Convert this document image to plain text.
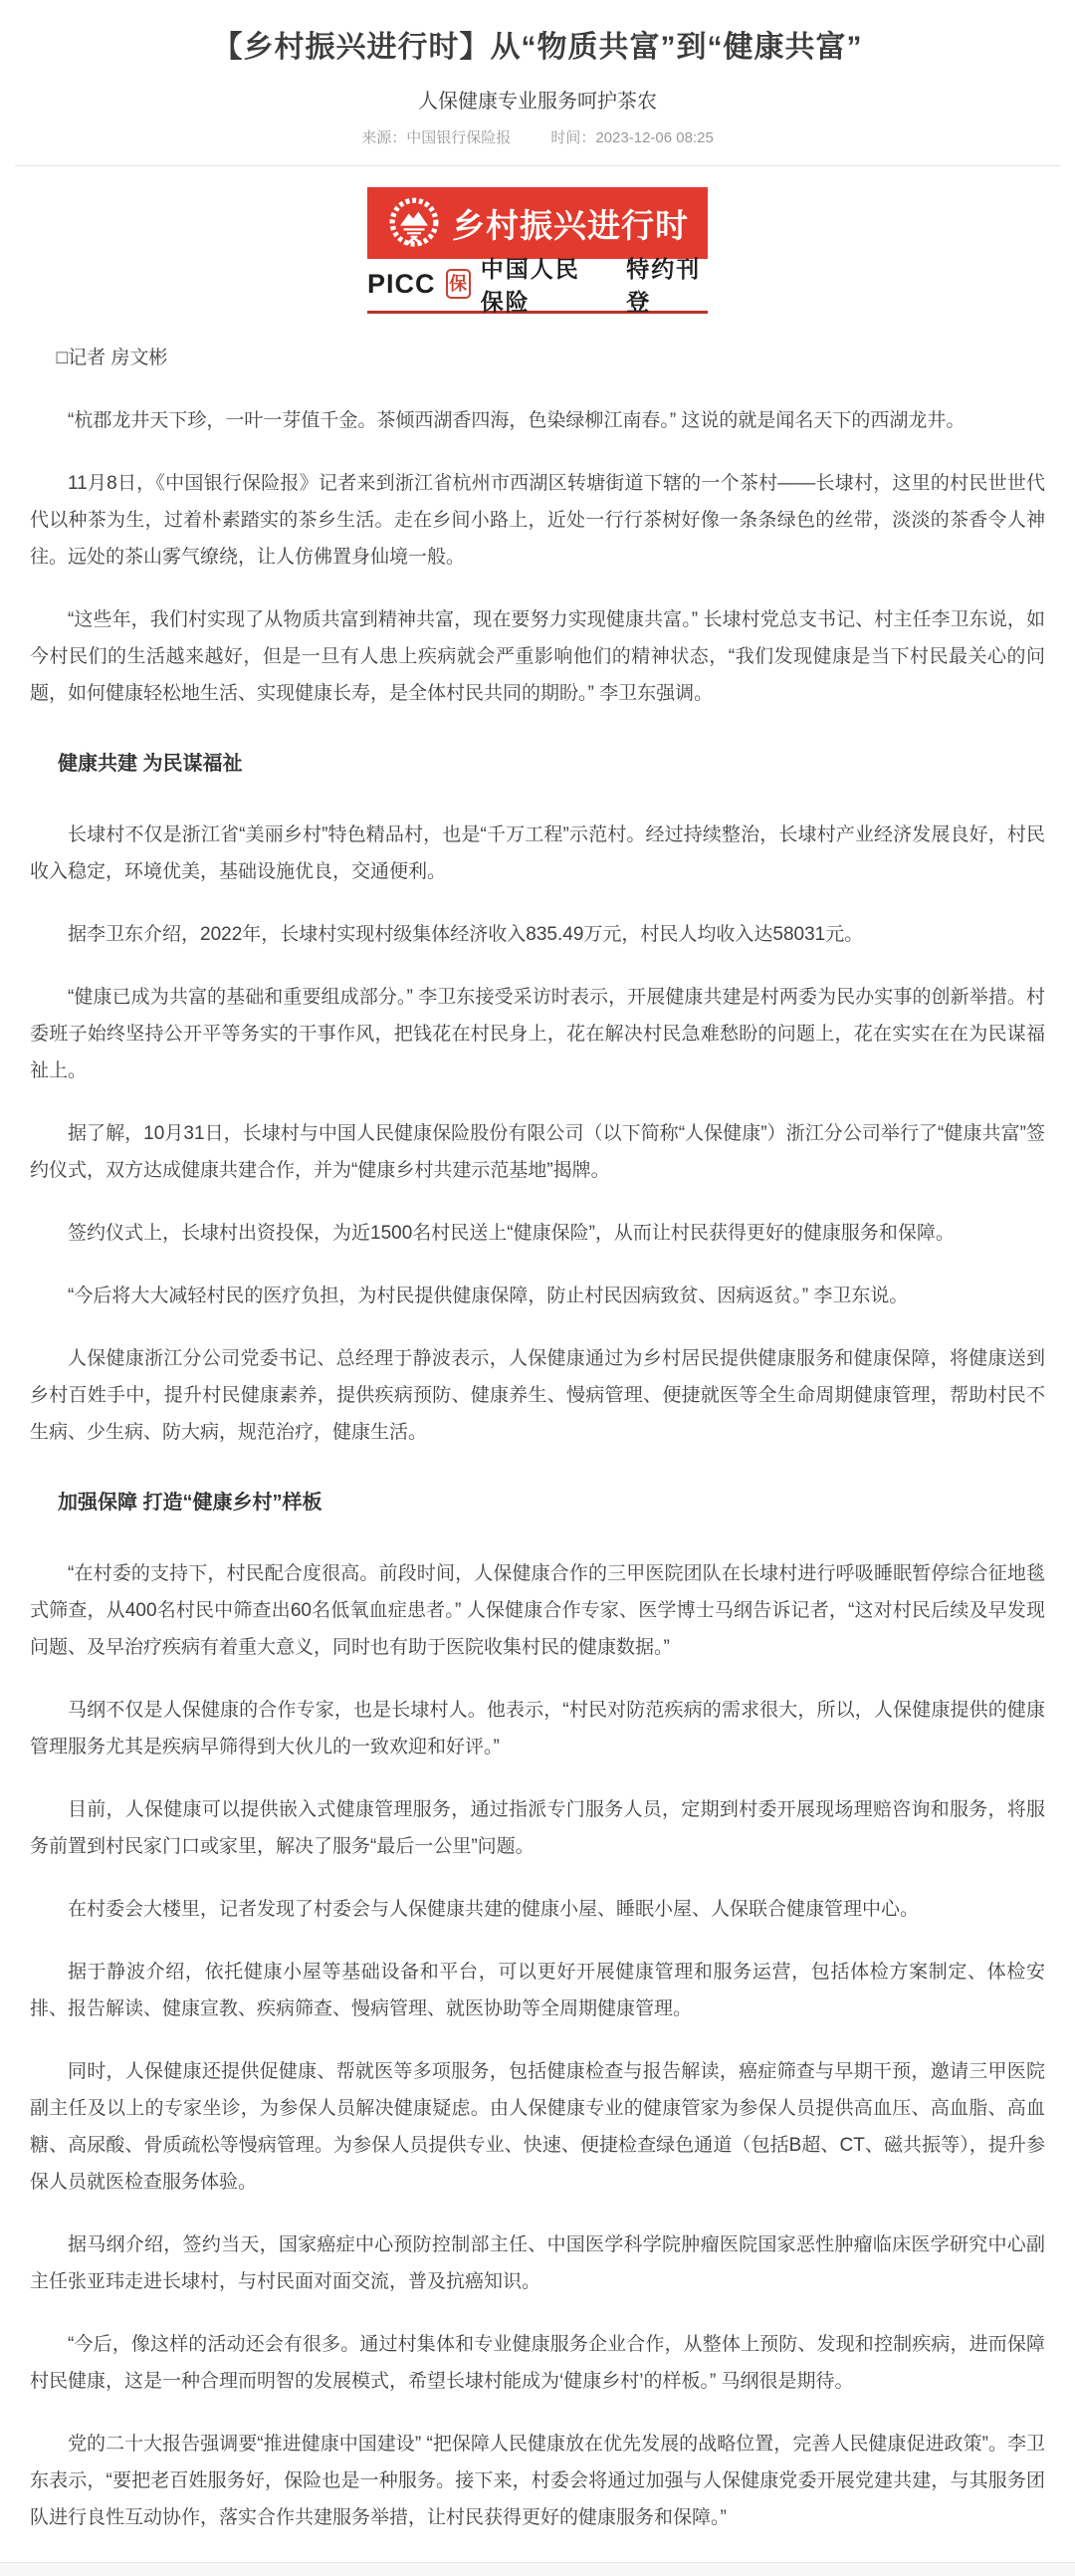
【乡村振兴进行时】从“物质共富”到“健康共富”
人保健康专业服务呵护茶农
来源：中国银行保险报	时间：2023-12-06 08:25
乡村振兴进行时
PICC 保
中国人民保险
特约刊登

□记者 房文彬

“杭郡龙井天下珍，一叶一芽值千金。茶倾西湖香四海，色染绿柳江南春。” 这说的就是闻名天下的西湖龙井。

11月8日，《中国银行保险报》记者来到浙江省杭州市西湖区转塘街道下辖的一个茶村——长埭村，这里的村民世世代代以种茶为生，过着朴素踏实的茶乡生活。走在乡间小路上，近处一行行茶树好像一条条绿色的丝带，淡淡的茶香令人神往。远处的茶山雾气缭绕，让人仿佛置身仙境一般。

“这些年，我们村实现了从物质共富到精神共富，现在要努力实现健康共富。” 长埭村党总支书记、村主任李卫东说，如今村民们的生活越来越好，但是一旦有人患上疾病就会严重影响他们的精神状态，“我们发现健康是当下村民最关心的问题，如何健康轻松地生活、实现健康长寿，是全体村民共同的期盼。” 李卫东强调。

健康共建 为民谋福祉

长埭村不仅是浙江省“美丽乡村”特色精品村，也是“千万工程”示范村。经过持续整治，长埭村产业经济发展良好，村民收入稳定，环境优美，基础设施优良，交通便利。

据李卫东介绍，2022年，长埭村实现村级集体经济收入835.49万元，村民人均收入达58031元。

“健康已成为共富的基础和重要组成部分。” 李卫东接受采访时表示，开展健康共建是村两委为民办实事的创新举措。村委班子始终坚持公开平等务实的干事作风，把钱花在村民身上，花在解决村民急难愁盼的问题上，花在实实在在为民谋福祉上。

据了解，10月31日，长埭村与中国人民健康保险股份有限公司（以下简称“人保健康”）浙江分公司举行了“健康共富”签约仪式，双方达成健康共建合作，并为“健康乡村共建示范基地”揭牌。

签约仪式上，长埭村出资投保，为近1500名村民送上“健康保险”，从而让村民获得更好的健康服务和保障。

“今后将大大减轻村民的医疗负担，为村民提供健康保障，防止村民因病致贫、因病返贫。” 李卫东说。

人保健康浙江分公司党委书记、总经理于静波表示，人保健康通过为乡村居民提供健康服务和健康保障，将健康送到乡村百姓手中，提升村民健康素养，提供疾病预防、健康养生、慢病管理、便捷就医等全生命周期健康管理，帮助村民不生病、少生病、防大病，规范治疗，健康生活。

加强保障 打造“健康乡村”样板

“在村委的支持下，村民配合度很高。前段时间，人保健康合作的三甲医院团队在长埭村进行呼吸睡眠暂停综合征地毯式筛查，从400名村民中筛查出60名低氧血症患者。” 人保健康合作专家、医学博士马纲告诉记者，“这对村民后续及早发现问题、及早治疗疾病有着重大意义，同时也有助于医院收集村民的健康数据。”

马纲不仅是人保健康的合作专家，也是长埭村人。他表示，“村民对防范疾病的需求很大，所以，人保健康提供的健康管理服务尤其是疾病早筛得到大伙儿的一致欢迎和好评。”

目前，人保健康可以提供嵌入式健康管理服务，通过指派专门服务人员，定期到村委开展现场理赔咨询和服务，将服务前置到村民家门口或家里，解决了服务“最后一公里”问题。

在村委会大楼里，记者发现了村委会与人保健康共建的健康小屋、睡眠小屋、人保联合健康管理中心。

据于静波介绍，依托健康小屋等基础设备和平台，可以更好开展健康管理和服务运营，包括体检方案制定、体检安排、报告解读、健康宣教、疾病筛查、慢病管理、就医协助等全周期健康管理。

同时，人保健康还提供促健康、帮就医等多项服务，包括健康检查与报告解读，癌症筛查与早期干预，邀请三甲医院副主任及以上的专家坐诊，为参保人员解决健康疑虑。由人保健康专业的健康管家为参保人员提供高血压、高血脂、高血糖、高尿酸、骨质疏松等慢病管理。为参保人员提供专业、快速、便捷检查绿色通道（包括B超、CT、磁共振等），提升参保人员就医检查服务体验。

据马纲介绍，签约当天，国家癌症中心预防控制部主任、中国医学科学院肿瘤医院国家恶性肿瘤临床医学研究中心副主任张亚玮走进长埭村，与村民面对面交流，普及抗癌知识。

“今后，像这样的活动还会有很多。通过村集体和专业健康服务企业合作，从整体上预防、发现和控制疾病，进而保障村民健康，这是一种合理而明智的发展模式，希望长埭村能成为‘健康乡村’的样板。” 马纲很是期待。

党的二十大报告强调要“推进健康中国建设” “把保障人民健康放在优先发展的战略位置，完善人民健康促进政策”。李卫东表示，“要把老百姓服务好，保险也是一种服务。接下来，村委会将通过加强与人保健康党委开展党建共建，与其服务团队进行良性互动协作，落实合作共建服务举措，让村民获得更好的健康服务和保障。”
